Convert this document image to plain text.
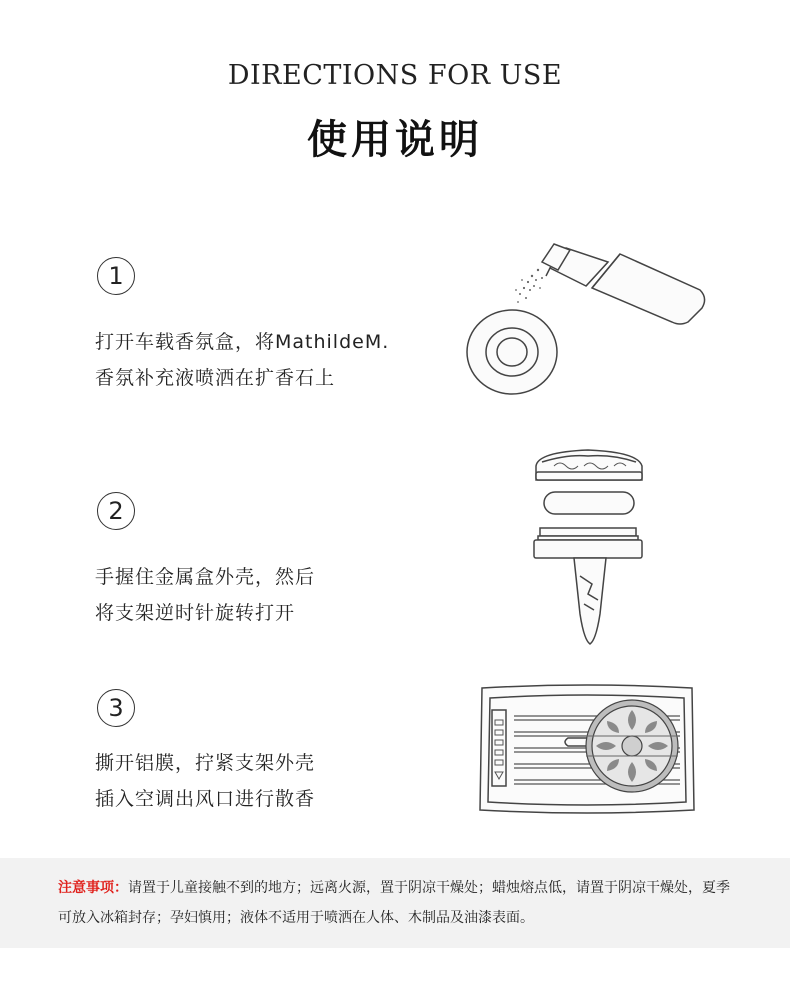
DIRECTIONS FOR USE
使用说明
1
打开车载香氛盒，将MathildeM.
香氛补充液喷洒在扩香石上
2
手握住金属盒外壳，然后
将支架逆时针旋转打开
3
撕开铝膜，拧紧支架外壳
插入空调出风口进行散香
注意事项：请置于儿童接触不到的地方；远离火源，置于阴凉干燥处；蜡烛熔点低，请置于阴凉干燥处，夏季可放入冰箱封存；孕妇慎用；液体不适用于喷洒在人体、木制品及油漆表面。
